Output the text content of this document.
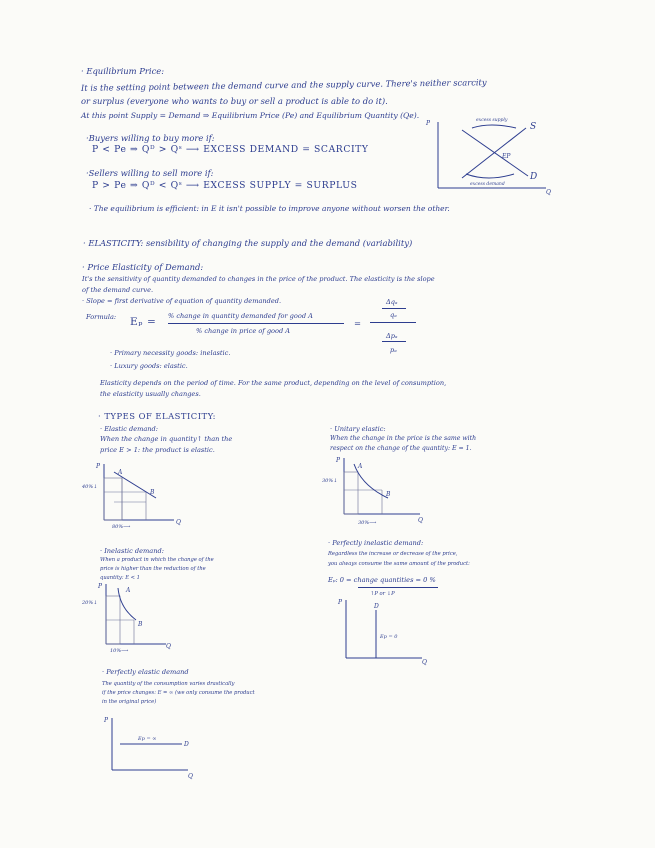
· Equilibrium Price:
It is the setting point between the demand curve and the supply curve. There's neither scarcity
or surplus (everyone who wants to buy or sell a product is able to do it).
At this point Supply = Demand ⇒ Equilibrium Price (Pe) and Equilibrium Quantity (Qe).
·Buyers willing to buy more if:
P < Pe ⇒ Qᴰ > Qˢ ⟶ EXCESS DEMAND = SCARCITY
·Sellers willing to sell more if:
P > Pe ⇒ Qᴰ < Qˢ ⟶ EXCESS SUPPLY = SURPLUS
· The equilibrium is efficient: in E it isn't possible to improve anyone without worsen the other.
P
Q
S
D
EP
excess supply
excess demand
· ELASTICITY: sensibility of changing the supply and the demand (variability)
· Price Elasticity of Demand:
It's the sensitivity of quantity demanded to changes in the price of the product. The elasticity is the slope
of the demand curve.
· Slope = first derivative of equation of quantity demanded.
Formula: Eₚ = % change in quantity demanded for good A
% change in price of good A
=
Δqₐ
qₐ
Δpₐ
pₐ
· Primary necessity goods: inelastic.
· Luxury goods: elastic.
Elasticity depends on the period of time. For the same product, depending on the level of consumption,
the elasticity usually changes.
· TYPES OF ELASTICITY:
· Elastic demand:
When the change in quantity↑ than the
price E > 1: the product is elastic.
· Unitary elastic:
When the change in the price is the same with
respect on the change of the quantity: E = 1.
P
A
B
Q
40%↓
80%⟶
P
A
B
Q
30%↓
30%⟶
· Inelastic demand:
When a product in which the change of the
price is higher than the reduction of the
quantity: E < 1
· Perfectly inelastic demand:
Regardless the increase or decrease of the price,
you always consume the same amount of the product:
Eₚ: 0 = change quantities = 0 %
↑P or ↓P
P
A
B
Q
20%↓
10%⟶
P
D
Q
Ep = 0
· Perfectly elastic demand
The quantity of the consumption varies drastically
if the price changes: E = ∞ (we only consume the product
in the original price)
P
D
Q
Ep = ∞
